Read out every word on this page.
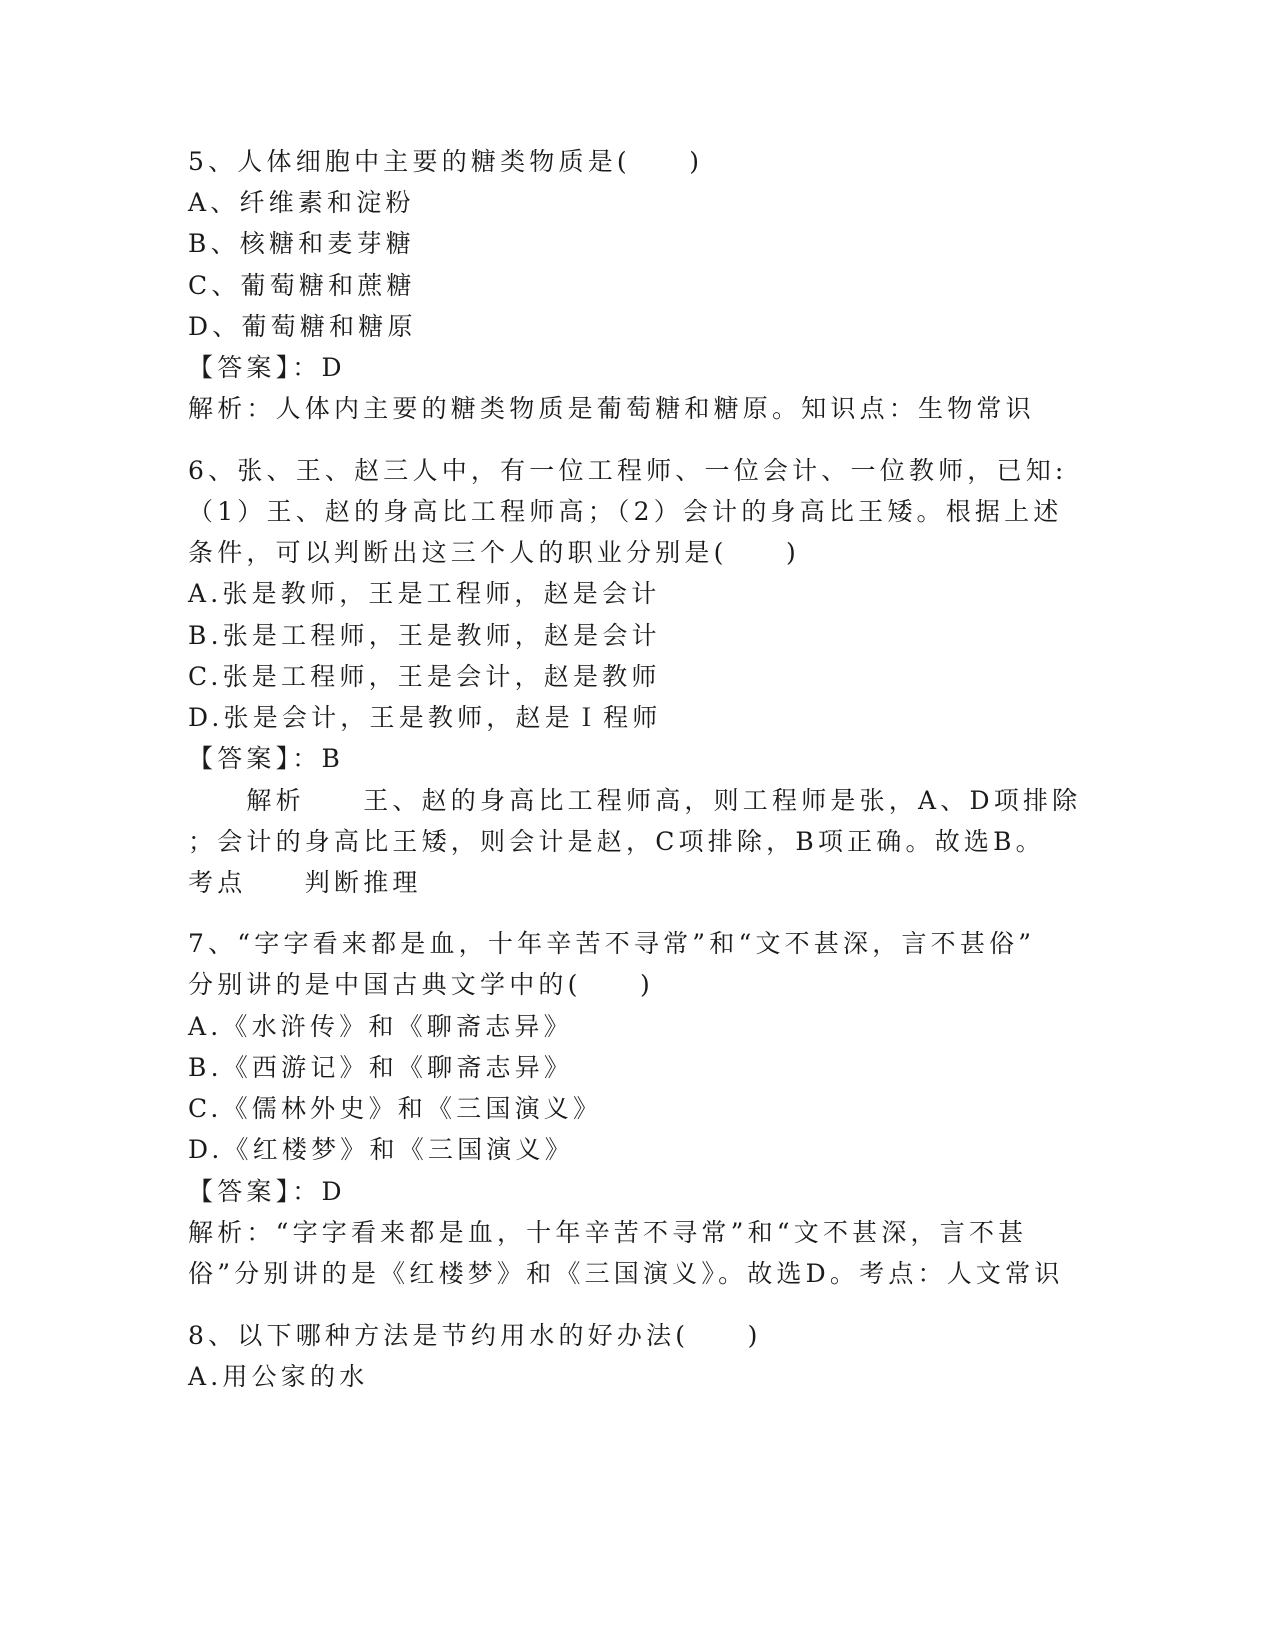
5、人体细胞中主要的糖类物质是(　　)
A、纤维素和淀粉
B、核糖和麦芽糖
C、葡萄糖和蔗糖
D、葡萄糖和糖原
【答案】：D
解析：人体内主要的糖类物质是葡萄糖和糖原。知识点：生物常识
6、张、王、赵三人中，有一位工程师、一位会计、一位教师，已知:
（1）王、赵的身高比工程师高；（2）会计的身高比王矮。根据上述
条件，可以判断出这三个人的职业分别是(　　)
A.张是教师，王是工程师，赵是会计
B.张是工程师，王是教师，赵是会计
C.张是工程师，王是会计，赵是教师
D.张是会计，王是教师，赵是Ｉ程师
【答案】：B
　　解析　　王、赵的身高比工程师高，则工程师是张，A、D项排除
；会计的身高比王矮，则会计是赵，C项排除，B项正确。故选B。
考点　　判断推理
7、“字字看来都是血，十年辛苦不寻常”和“文不甚深，言不甚俗”
分别讲的是中国古典文学中的(　　)
A.《水浒传》和《聊斋志异》
B.《西游记》和《聊斋志异》
C.《儒林外史》和《三国演义》
D.《红楼梦》和《三国演义》
【答案】：D
解析：“字字看来都是血，十年辛苦不寻常”和“文不甚深，言不甚
俗”分别讲的是《红楼梦》和《三国演义》。故选D。考点：人文常识
8、以下哪种方法是节约用水的好办法(　　)
A.用公家的水
